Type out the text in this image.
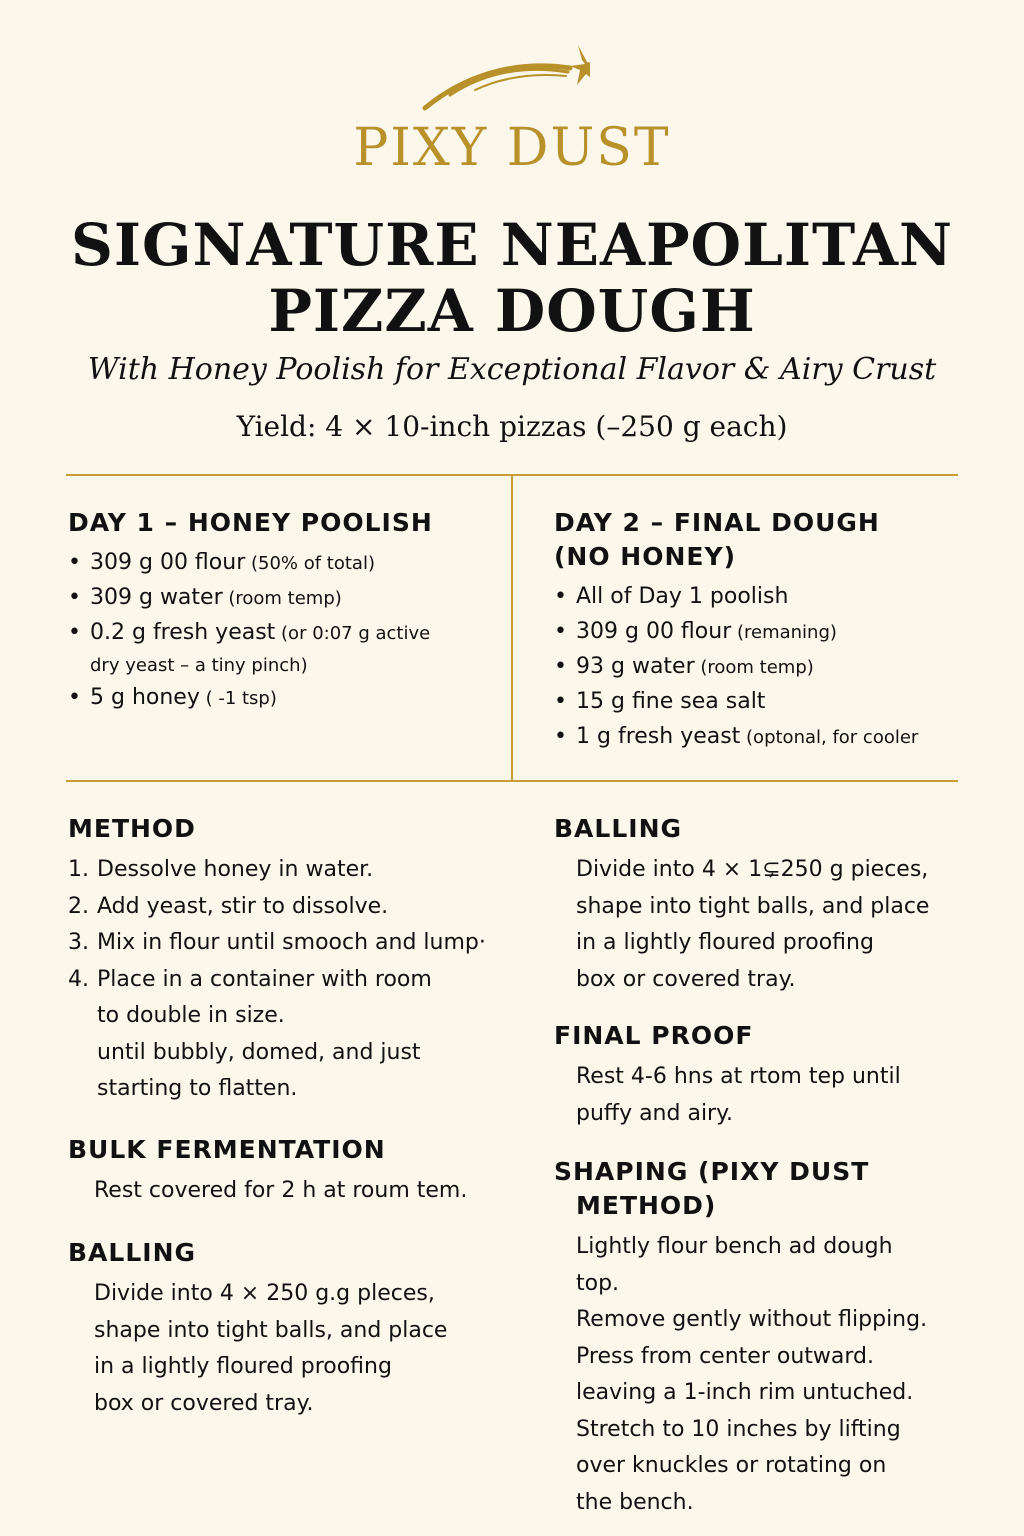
PIXY DUST
SIGNATURE NEAPOLITAN
PIZZA DOUGH
With Honey Poolish for Exceptional Flavor & Airy Crust
Yield: 4 × 10-inch pizzas (–250 g each)
DAY 1 – HONEY POOLISH
• 309 g 00 flour (50% of total)
• 309 g water (room temp)
• 0.2 g fresh yeast (or 0:07 g active
dry yeast – a tiny pinch)
• 5 g honey ( -1 tsp)
DAY 2 – FINAL DOUGH
(NO HONEY)
• All of Day 1 poolish
• 309 g 00 flour (remaning)
• 93 g water (room temp)
• 15 g fine sea salt
• 1 g fresh yeast (optonal, for cooler
METHOD
1. Dessolve honey in water.
2. Add yeast, stir to dissolve.
3. Mix in flour until smooch and lump·
4. Place in a container with room
to double in size.
until bubbly, domed, and just
starting to flatten.
BULK FERMENTATION
Rest covered for 2 h at roum tem.
BALLING
Divide into 4 × 250 g.g pleces,
shape into tight balls, and place
in a lightly floured proofing
box or covered tray.
BALLING
Divide into 4 × 1⊊250 g pieces,
shape into tight balls, and place
in a lightly floured proofing
box or covered tray.
FINAL PROOF
Rest 4-6 hns at rtom tep until
puffy and airy.
SHAPING (PIXY DUST
METHOD)
Lightly flour bench ad dough
top.
Remove gently without flipping.
Press from center outward.
leaving a 1-inch rim untuched.
Stretch to 10 inches by lifting
over knuckles or rotating on
the bench.
